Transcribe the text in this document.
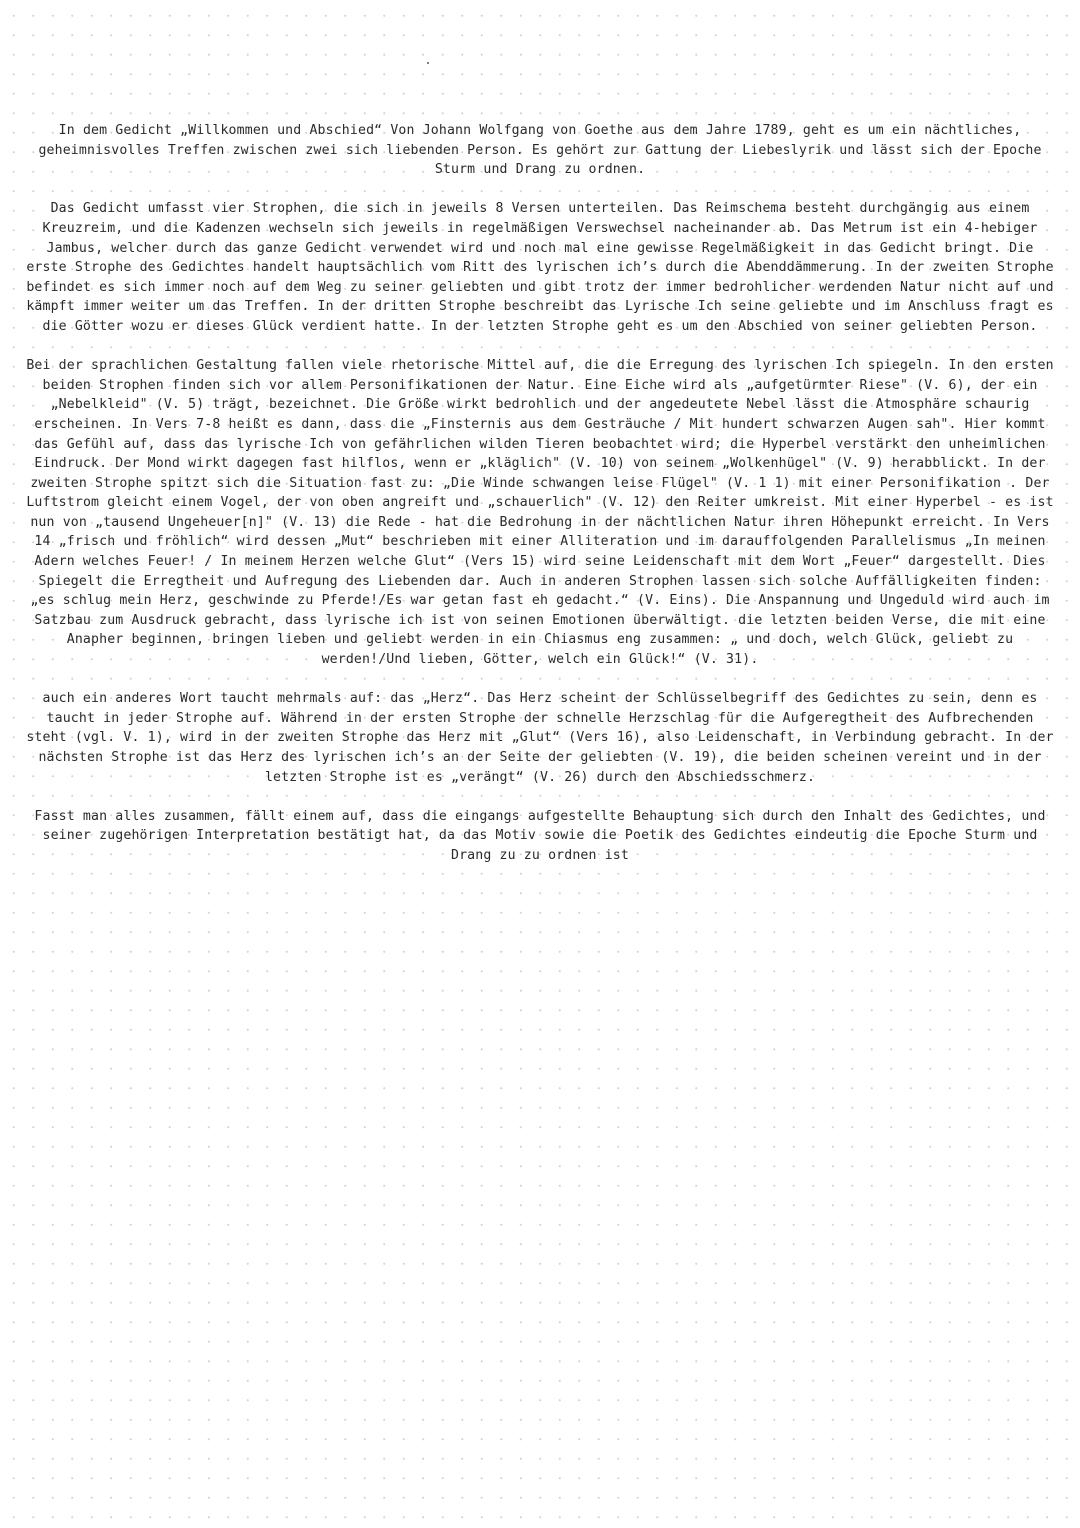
In dem Gedicht „Willkommen und Abschied“ Von Johann Wolfgang von Goethe aus dem Jahre 1789, geht es um ein nächtliches, geheimnisvolles Treffen zwischen zwei sich liebenden Person. Es gehört zur Gattung der Liebeslyrik und lässt sich der Epoche Sturm und Drang zu ordnen.

Das Gedicht umfasst vier Strophen, die sich in jeweils 8 Versen unterteilen. Das Reimschema besteht durchgängig aus einem Kreuzreim, und die Kadenzen wechseln sich jeweils in regelmäßigen Verswechsel nacheinander ab. Das Metrum ist ein 4-hebiger Jambus, welcher durch das ganze Gedicht verwendet wird und noch mal eine gewisse Regelmäßigkeit in das Gedicht bringt. Die erste Strophe des Gedichtes handelt hauptsächlich vom Ritt des lyrischen ich’s durch die Abenddämmerung. In der zweiten Strophe befindet es sich immer noch auf dem Weg zu seiner geliebten und gibt trotz der immer bedrohlicher werdenden Natur nicht auf und kämpft immer weiter um das Treffen. In der dritten Strophe beschreibt das Lyrische Ich seine geliebte und im Anschluss fragt es die Götter wozu er dieses Glück verdient hatte. In der letzten Strophe geht es um den Abschied von seiner geliebten Person.

Bei der sprachlichen Gestaltung fallen viele rhetorische Mittel auf, die die Erregung des lyrischen Ich spiegeln. In den ersten beiden Strophen finden sich vor allem Personifikationen der Natur. Eine Eiche wird als „aufgetürmter Riese" (V. 6), der ein „Nebelkleid" (V. 5) trägt, bezeichnet. Die Größe wirkt bedrohlich und der angedeutete Nebel lässt die Atmosphäre schaurig erscheinen. In Vers 7-8 heißt es dann, dass die „Finsternis aus dem Gesträuche / Mit hundert schwarzen Augen sah". Hier kommt das Gefühl auf, dass das lyrische Ich von gefährlichen wilden Tieren beobachtet wird; die Hyperbel verstärkt den unheimlichen Eindruck. Der Mond wirkt dagegen fast hilflos, wenn er „kläglich" (V. 10) von seinem „Wolkenhügel" (V. 9) herabblickt. In der zweiten Strophe spitzt sich die Situation fast zu: „Die Winde schwangen leise Flügel" (V. 1 1) mit einer Personifikation . Der Luftstrom gleicht einem Vogel, der von oben angreift und „schauerlich" (V. 12) den Reiter umkreist. Mit einer Hyperbel - es ist nun von „tausend Ungeheuer[n]" (V. 13) die Rede - hat die Bedrohung in der nächtlichen Natur ihren Höhepunkt erreicht. In Vers 14 „frisch und fröhlich“ wird dessen „Mut“ beschrieben mit einer Alliteration und im darauffolgenden Parallelismus „In meinen Adern welches Feuer! / In meinem Herzen welche Glut“ (Vers 15) wird seine Leidenschaft mit dem Wort „Feuer“ dargestellt. Dies Spiegelt die Erregtheit und Aufregung des Liebenden dar. Auch in anderen Strophen lassen sich solche Auffälligkeiten finden: „es schlug mein Herz, geschwinde zu Pferde!/Es war getan fast eh gedacht.“ (V. Eins). Die Anspannung und Ungeduld wird auch im Satzbau zum Ausdruck gebracht, dass lyrische ich ist von seinen Emotionen überwältigt. die letzten beiden Verse, die mit eine Anapher beginnen, bringen lieben und geliebt werden in ein Chiasmus eng zusammen: „ und doch, welch Glück, geliebt zu werden!/Und lieben, Götter, welch ein Glück!“ (V. 31).

auch ein anderes Wort taucht mehrmals auf: das „Herz“. Das Herz scheint der Schlüsselbegriff des Gedichtes zu sein, denn es taucht in jeder Strophe auf. Während in der ersten Strophe der schnelle Herzschlag für die Aufgeregtheit des Aufbrechenden steht (vgl. V. 1), wird in der zweiten Strophe das Herz mit „Glut“ (Vers 16), also Leidenschaft, in Verbindung gebracht. In der nächsten Strophe ist das Herz des lyrischen ich’s an der Seite der geliebten (V. 19), die beiden scheinen vereint und in der letzten Strophe ist es „verängt“ (V. 26) durch den Abschiedsschmerz.

Fasst man alles zusammen, fällt einem auf, dass die eingangs aufgestellte Behauptung sich durch den Inhalt des Gedichtes, und seiner zugehörigen Interpretation bestätigt hat, da das Motiv sowie die Poetik des Gedichtes eindeutig die Epoche Sturm und Drang zu zu ordnen ist
